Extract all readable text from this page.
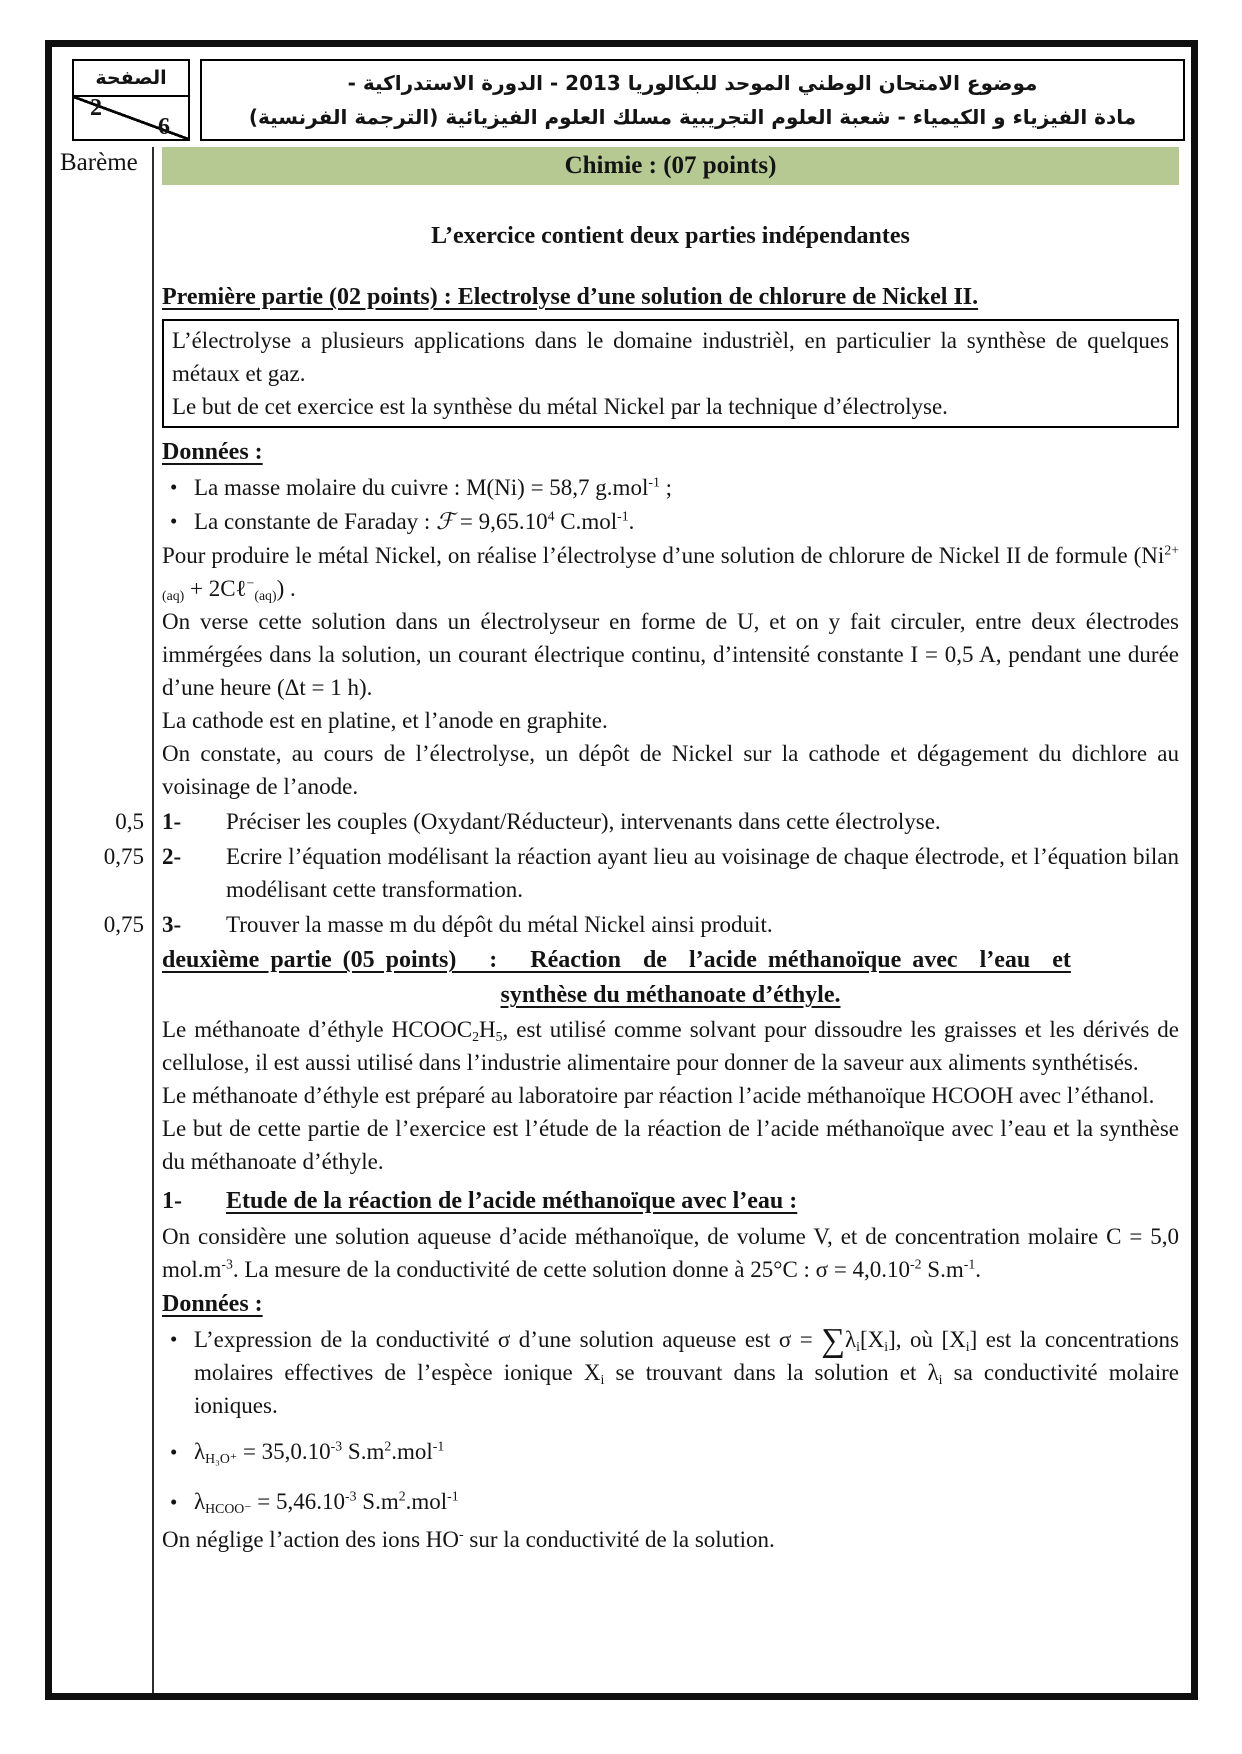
الصفحة
2
6
موضوع الامتحان الوطني الموحد للبكالوريا 2013 - الدورة الاستدراكية -
مادة الفيزياء و الكيمياء - شعبة العلوم التجريبية مسلك العلوم الفيزيائية (الترجمة الفرنسية)
Barème	Chimie : (07 points)
L’exercice contient deux parties indépendantes
Première partie (02 points) : Electrolyse d’une solution de chlorure de Nickel II.

L’électrolyse a plusieurs applications dans le domaine industrièl, en particulier la synthèse de quelques métaux et gaz.

Le but de cet exercice est la synthèse du métal Nickel par la technique d’électrolyse.

Données :
• La masse molaire du cuivre : M(Ni) = 58,7 g.mol$^{-1}$ ;
• La constante de Faraday : ℱ = $9,65.10^4$ C.mol$^{-1}$.

Pour produire le métal Nickel, on réalise l’électrolyse d’une solution de chlorure de Nickel II de formule ($Ni^{2+}_{(aq)}$ + 2Cℓ−$_{(aq)}$) .

On verse cette solution dans un électrolyseur en forme de U, et on y fait circuler, entre deux électrodes immérgées dans la solution, un courant électrique continu, d’intensité constante I = 0,5 A, pendant une durée d’une heure (Δt = 1 h).

La cathode est en platine, et l’anode en graphite.

On constate, au cours de l’électrolyse, un dépôt de Nickel sur la cathode et dégagement du dichlore au voisinage de l’anode.

0,5 1-	Préciser les couples (Oxydant/Réducteur), intervenants dans cette électrolyse.
0,75 2-	Ecrire l’équation modélisant la réaction ayant lieu au voisinage de chaque électrode, et l’équation bilan modélisant cette transformation.
0,75 3-	Trouver la masse m du dépôt du métal Nickel ainsi produit.
deuxième partie (05 points)   :   Réaction  de  l’acide méthanoïque avec  l’eau  et
synthèse du méthanoate d’éthyle.

Le méthanoate d’éthyle $HCOOC_2H_5$, est utilisé comme solvant pour dissoudre les graisses et les dérivés de cellulose, il est aussi utilisé dans l’industrie alimentaire pour donner de la saveur aux aliments synthétisés.

Le méthanoate d’éthyle est préparé au laboratoire par réaction l’acide méthanoïque HCOOH avec l’éthanol.

Le but de cette partie de l’exercice est l’étude de la réaction de l’acide méthanoïque avec l’eau et la synthèse du méthanoate d’éthyle.

1- Etude de la réaction de l’acide méthanoïque avec l’eau :

On considère une solution aqueuse d’acide méthanoïque, de volume V, et de concentration molaire C = 5,0 $mol.m^{-3}$. La mesure de la conductivité de cette solution donne à 25°C : $\sigma = 4,0.10^{-2}$ $S.m^{-1}$.

Données :
• L’expression de la conductivité σ d’une solution aqueuse est $\sigma = \sum\lambda_i[X_i]$, où $[X_i]$ est la concentrations molaires effectives de l’espèce ionique $X_i$ se trouvant dans la solution et $\lambda_i$ sa conductivité molaire ioniques.
• $\lambda_{H_3O^+} = 35,0.10^{-3}$ $S.m^2.mol^{-1}$
• $\lambda_{HCOO^-} = 5,46.10^{-3}$ $S.m^2.mol^{-1}$

On néglige l’action des ions HO- sur la conductivité de la solution.
